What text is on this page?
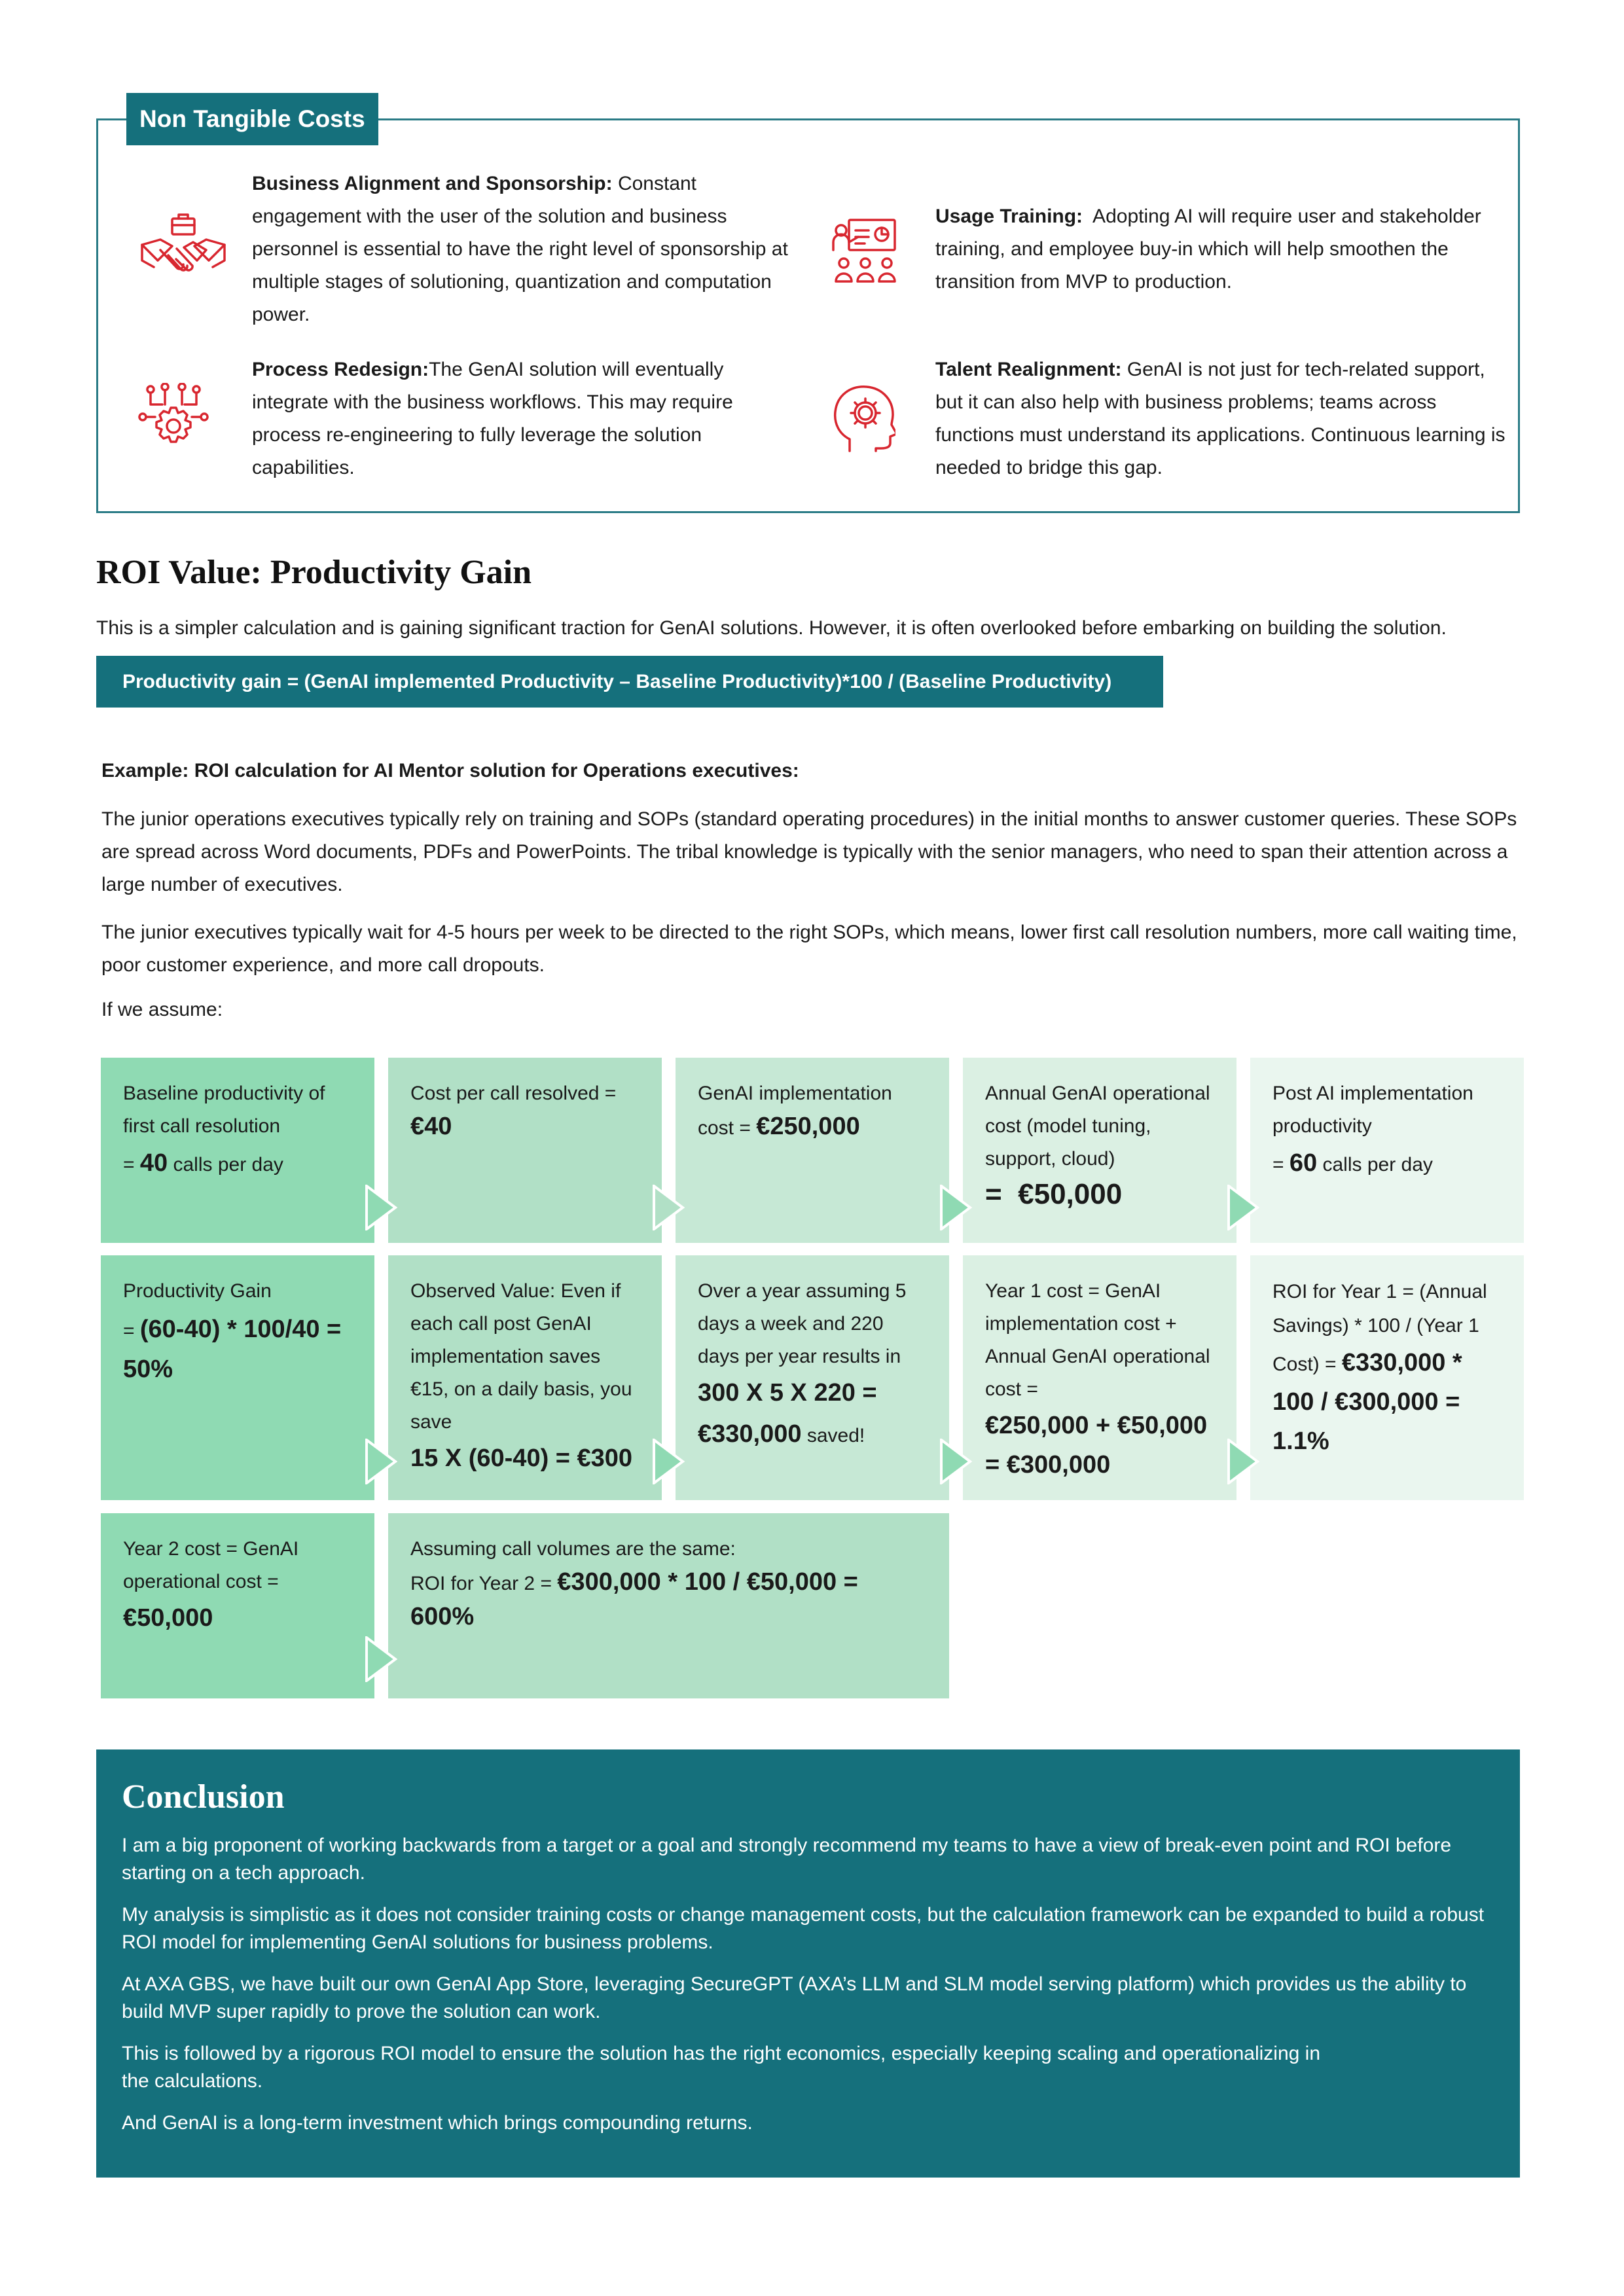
Non Tangible Costs
Business Alignment and Sponsorship: Constant engagement with the user of the solution and business personnel is essential to have the right level of sponsorship at multiple stages of solutioning, quantization and computation power.
Usage Training:  Adopting AI will require user and stakeholder training, and employee buy-in which will help smoothen the transition from MVP to production.
Process Redesign:The GenAI solution will eventually integrate with the business workflows. This may require process re-engineering to fully leverage the solution capabilities.
Talent Realignment: GenAI is not just for tech-related support, but it can also help with business problems; teams across functions must understand its applications. Continuous learning is needed to bridge this gap.
ROI Value: Productivity Gain
This is a simpler calculation and is gaining significant traction for GenAI solutions. However, it is often overlooked before embarking on building the solution.
Productivity gain = (GenAI implemented Productivity – Baseline Productivity)*100 / (Baseline Productivity)
Example: ROI calculation for AI Mentor solution for Operations executives:
The junior operations executives typically rely on training and SOPs (standard operating procedures) in the initial months to answer customer queries. These SOPs are spread across Word documents, PDFs and PowerPoints. The tribal knowledge is typically with the senior managers, who need to span their attention across a large number of executives.
The junior executives typically wait for 4-5 hours per week to be directed to the right SOPs, which means, lower first call resolution numbers, more call waiting time, poor customer experience, and more call dropouts.
If we assume:
Baseline productivity of first call resolution
= 40 calls per day
Cost per call resolved = €40
GenAI implementation cost = €250,000
Annual GenAI operational cost (model tuning, support, cloud)
=  €50,000
Post AI implementation productivity
= 60 calls per day
Productivity Gain
= (60-40) * 100/40 = 50%
Observed Value: Even if each call post GenAI implementation saves €15, on a daily basis, you save
15 X (60-40) = €300
Over a year assuming 5 days a week and 220 days per year results in
300 X 5 X 220 = €330,000 saved!
Year 1 cost = GenAI implementation cost + Annual GenAI operational cost =
€250,000 + €50,000 = €300,000
ROI for Year 1 = (Annual Savings) * 100 / (Year 1 Cost) = €330,000 * 100 / €300,000 = 1.1%
Year 2 cost = GenAI operational cost =
€50,000
Assuming call volumes are the same:
ROI for Year 2 = €300,000 * 100 / €50,000 = 600%
Conclusion

I am a big proponent of working backwards from a target or a goal and strongly recommend my teams to have a view of break-even point and ROI before starting on a tech approach.

My analysis is simplistic as it does not consider training costs or change management costs, but the calculation framework can be expanded to build a robust ROI model for implementing GenAI solutions for business problems.

At AXA GBS, we have built our own GenAI App Store, leveraging SecureGPT (AXA’s LLM and SLM model serving platform) which provides us the ability to build MVP super rapidly to prove the solution can work.

This is followed by a rigorous ROI model to ensure the solution has the right economics, especially keeping scaling and operationalizing in the calculations.

And GenAI is a long-term investment which brings compounding returns.
